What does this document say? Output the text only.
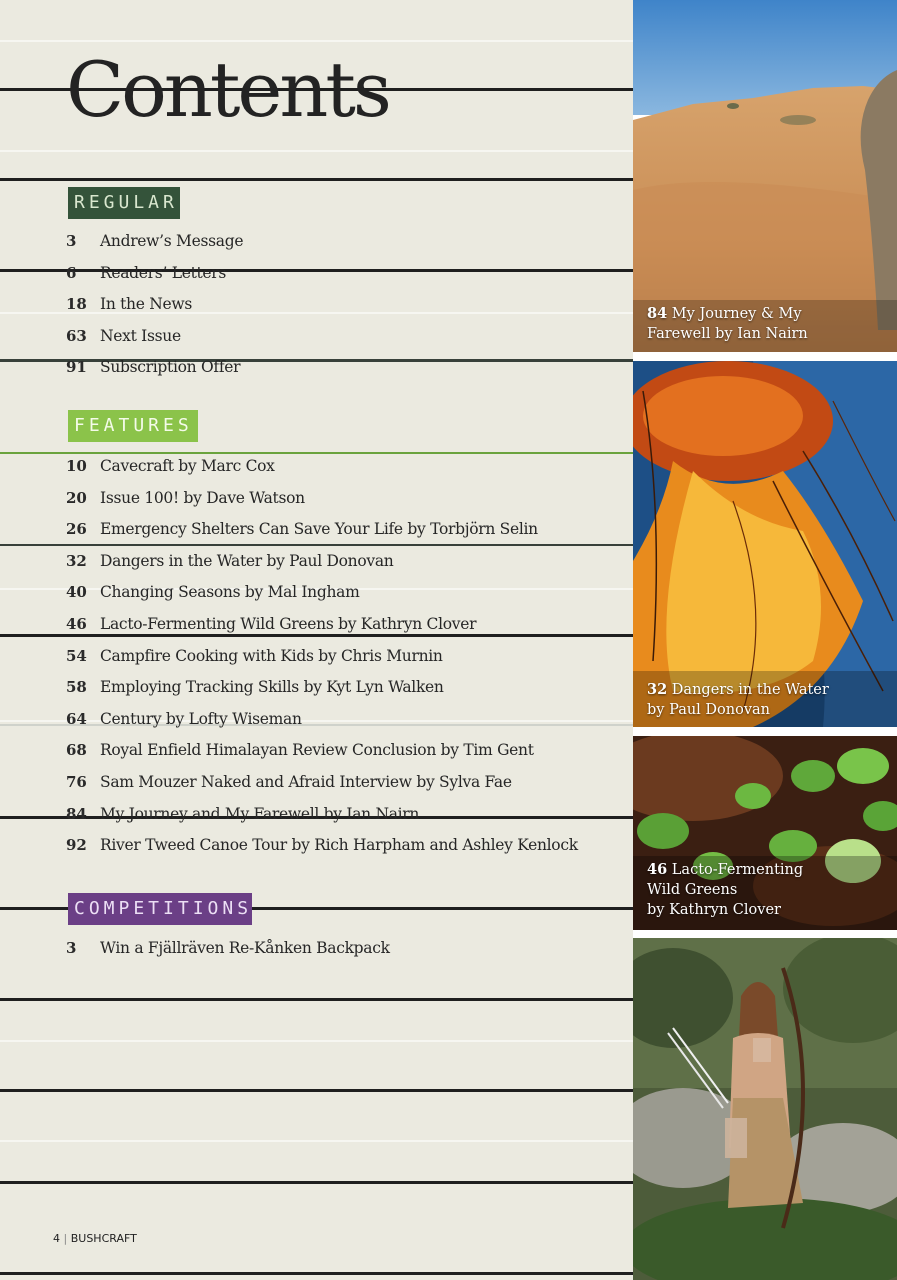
Contents
REGULAR
3 Andrew’s Message
6 Readers’ Letters
18 In the News
63 Next Issue
91 Subscription Offer
FEATURES
10 Cavecraft by Marc Cox
20 Issue 100! by Dave Watson
26 Emergency Shelters Can Save Your Life by Torbjörn Selin
32 Dangers in the Water by Paul Donovan
40 Changing Seasons by Mal Ingham
46 Lacto-Fermenting Wild Greens by Kathryn Clover
54 Campfire Cooking with Kids by Chris Murnin
58 Employing Tracking Skills by Kyt Lyn Walken
64 Century by Lofty Wiseman
68 Royal Enfield Himalayan Review Conclusion by Tim Gent
76 Sam Mouzer Naked and Afraid Interview by Sylva Fae
84 My Journey and My Farewell by Ian Nairn
92 River Tweed Canoe Tour by Rich Harpham and Ashley Kenlock
COMPETITIONS
3 Win a Fjällräven Re-Kånken Backpack
4 | BUSHCRAFT
84 My Journey & My
Farewell by Ian Nairn
32 Dangers in the Water
by Paul Donovan
46 Lacto-Fermenting
Wild Greens
by Kathryn Clover
